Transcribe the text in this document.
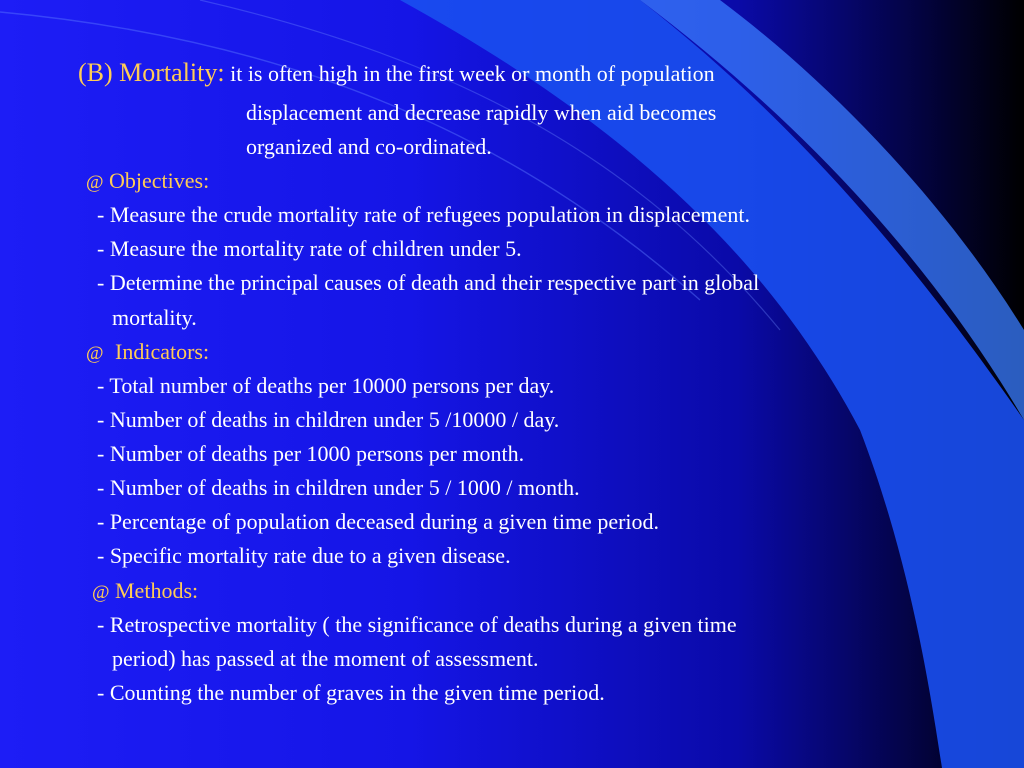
(B) Mortality: it is often high in the first week or month of population
displacement and decrease rapidly when aid becomes
organized and co-ordinated.
@ Objectives:
- Measure the crude mortality rate of refugees population in displacement.
- Measure the mortality rate of children under 5.
- Determine the principal causes of death and their respective part in global
mortality.
@ Indicators:
- Total number of deaths per 10000 persons per day.
- Number of deaths in children under 5 /10000 / day.
- Number of deaths per 1000 persons per month.
- Number of deaths in children under 5 / 1000 / month.
- Percentage of population deceased during a given time period.
- Specific mortality rate due to a given disease.
@ Methods:
- Retrospective mortality ( the significance of deaths during a given time
period) has passed at the moment of assessment.
- Counting the number of graves in the given time period.
